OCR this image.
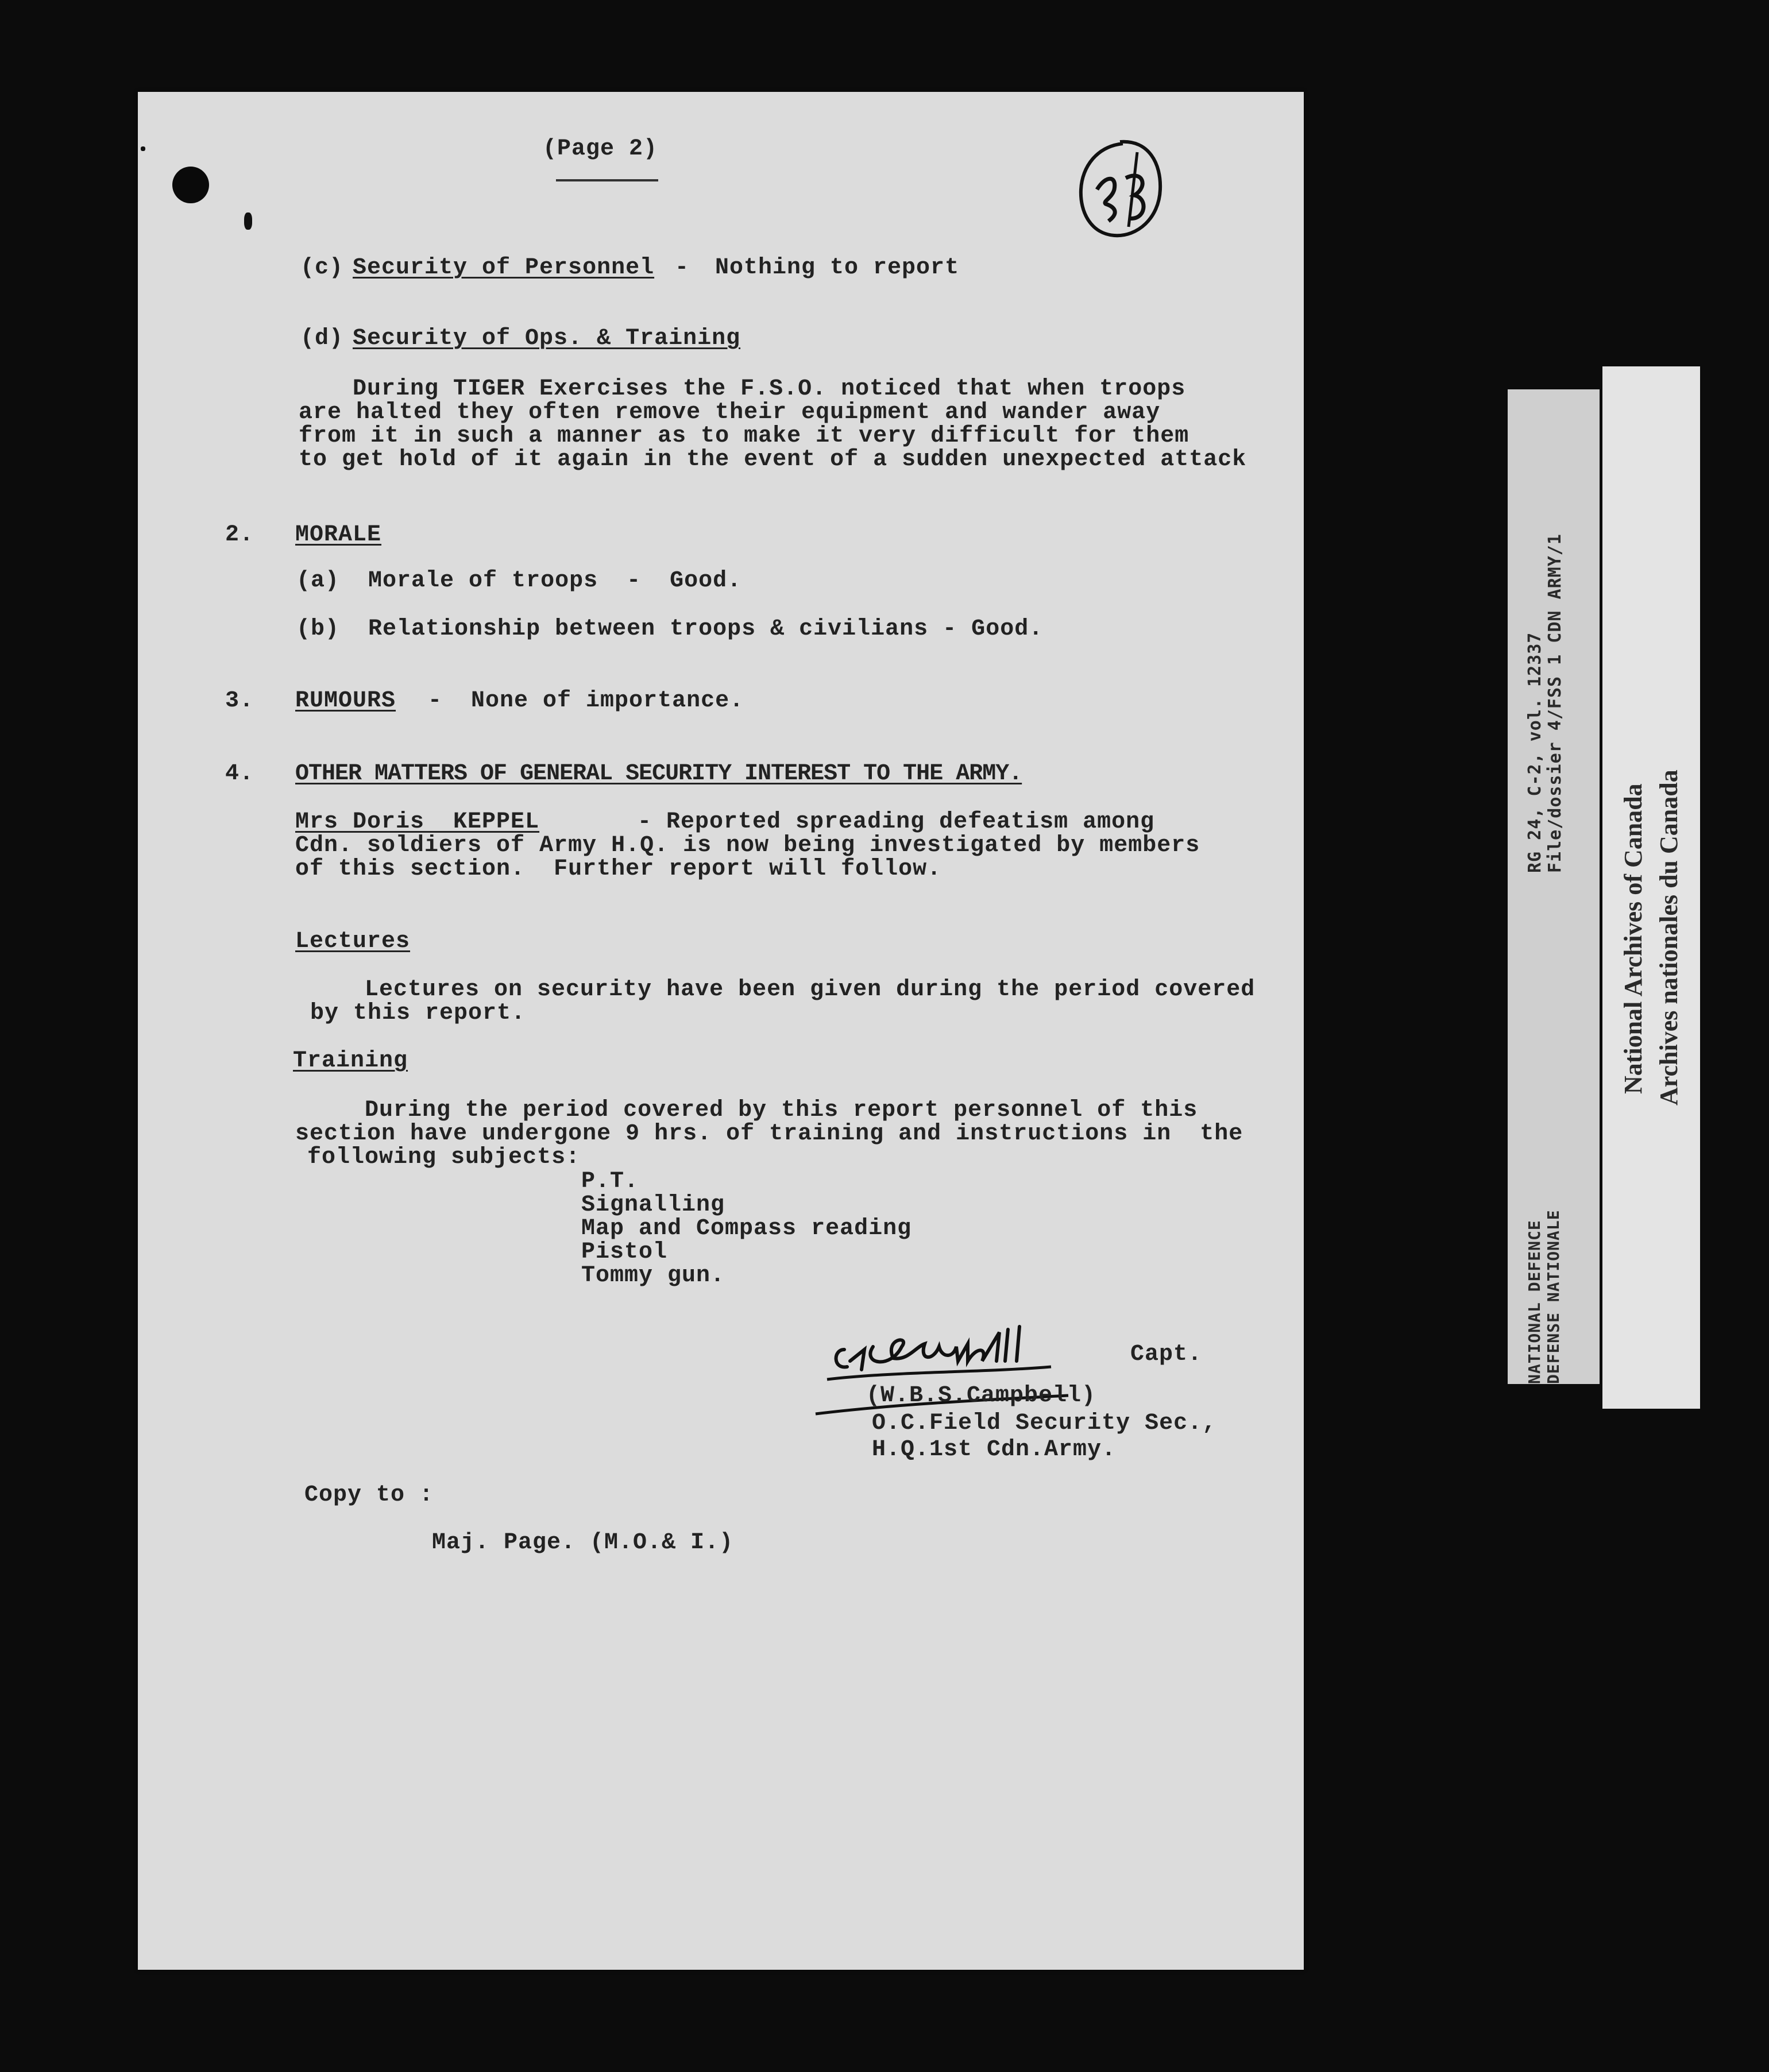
(Page 2)
(c) Security of Personnel - Nothing to report
(d) Security of Ops. & Training
During TIGER Exercises the F.S.O. noticed that when troops
are halted they often remove their equipment and wander away
from it in such a manner as to make it very difficult for them
to get hold of it again in the event of a sudden unexpected attack
2. MORALE
(a)  Morale of troops  -  Good.
(b)  Relationship between troops & civilians - Good.
3. RUMOURS -  None of importance.
4. OTHER MATTERS OF GENERAL SECURITY INTEREST TO THE ARMY.
Mrs Doris  KEPPEL	- Reported spreading defeatism among
Cdn. soldiers of Army H.Q. is now being investigated by members
of this section.  Further report will follow.
Lectures
Lectures on security have been given during the period covered
by this report.
Training
During the period covered by this report personnel of this
section have undergone 9 hrs. of training and instructions in  the
following subjects:
P.T.
Signalling
Map and Compass reading
Pistol
Tommy gun.
Capt.
(W.B.S.Campbell)
O.C.Field Security Sec.,
H.Q.1st Cdn.Army.
Copy to :
Maj. Page. (M.O.& I.)
RG 24, C-2, vol. 12337 File/dossier 4/FSS 1 CDN ARMY/1
NATIONAL DEFENCE DEFENSE NATIONALE
National Archives of Canada Archives nationales du Canada
